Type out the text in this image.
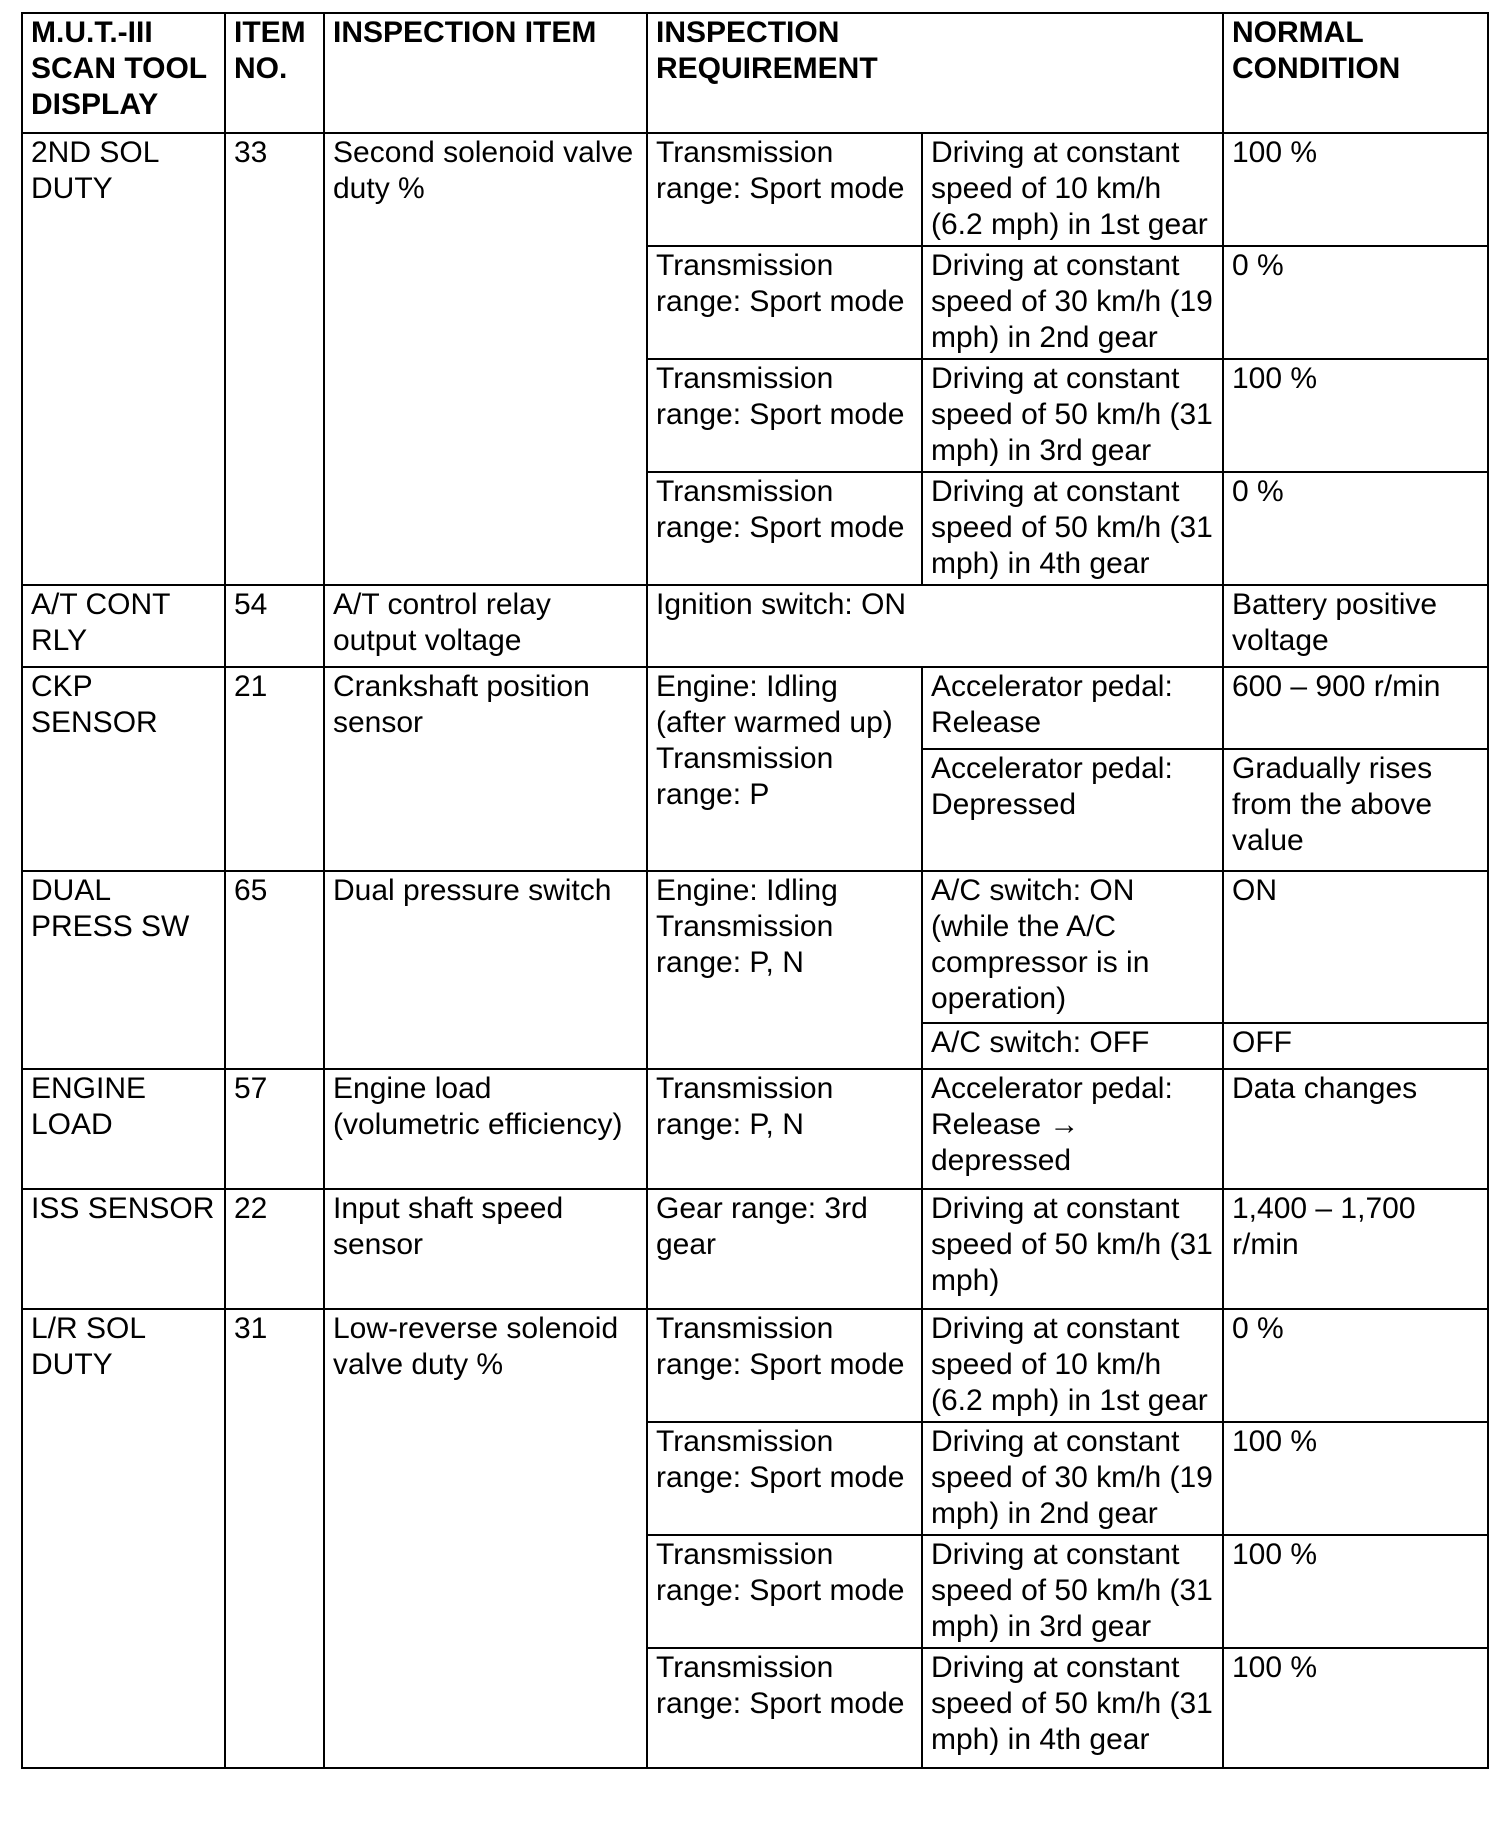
M.U.T.-III
SCAN TOOL
DISPLAY	ITEM
NO.	INSPECTION ITEM	INSPECTION
REQUIREMENT		NORMAL
CONDITION
2ND SOL
DUTY	33	Second solenoid valve
duty %	Transmission
range: Sport mode	Driving at constant
speed of 10 km/h
(6.2 mph) in 1st gear	100 %
			Transmission
range: Sport mode	Driving at constant
speed of 30 km/h (19
mph) in 2nd gear	0 %
			Transmission
range: Sport mode	Driving at constant
speed of 50 km/h (31
mph) in 3rd gear	100 %
			Transmission
range: Sport mode	Driving at constant
speed of 50 km/h (31
mph) in 4th gear	0 %
A/T CONT
RLY	54	A/T control relay
output voltage	Ignition switch: ON		Battery positive
voltage
CKP
SENSOR	21	Crankshaft position
sensor	Engine: Idling
(after warmed up)
Transmission
range: P	Accelerator pedal:
Release	600 – 900 r/min
				Accelerator pedal:
Depressed	Gradually rises
from the above
value
DUAL
PRESS SW	65	Dual pressure switch	Engine: Idling
Transmission
range: P, N	A/C switch: ON
(while the A/C
compressor is in
operation)	ON
				A/C switch: OFF	OFF
ENGINE
LOAD	57	Engine load
(volumetric efficiency)	Transmission
range: P, N	Accelerator pedal:
Release →
depressed	Data changes
ISS SENSOR	22	Input shaft speed
sensor	Gear range: 3rd
gear	Driving at constant
speed of 50 km/h (31
mph)	1,400 – 1,700
r/min
L/R SOL
DUTY	31	Low-reverse solenoid
valve duty %	Transmission
range: Sport mode	Driving at constant
speed of 10 km/h
(6.2 mph) in 1st gear	0 %
			Transmission
range: Sport mode	Driving at constant
speed of 30 km/h (19
mph) in 2nd gear	100 %
			Transmission
range: Sport mode	Driving at constant
speed of 50 km/h (31
mph) in 3rd gear	100 %
			Transmission
range: Sport mode	Driving at constant
speed of 50 km/h (31
mph) in 4th gear	100 %
